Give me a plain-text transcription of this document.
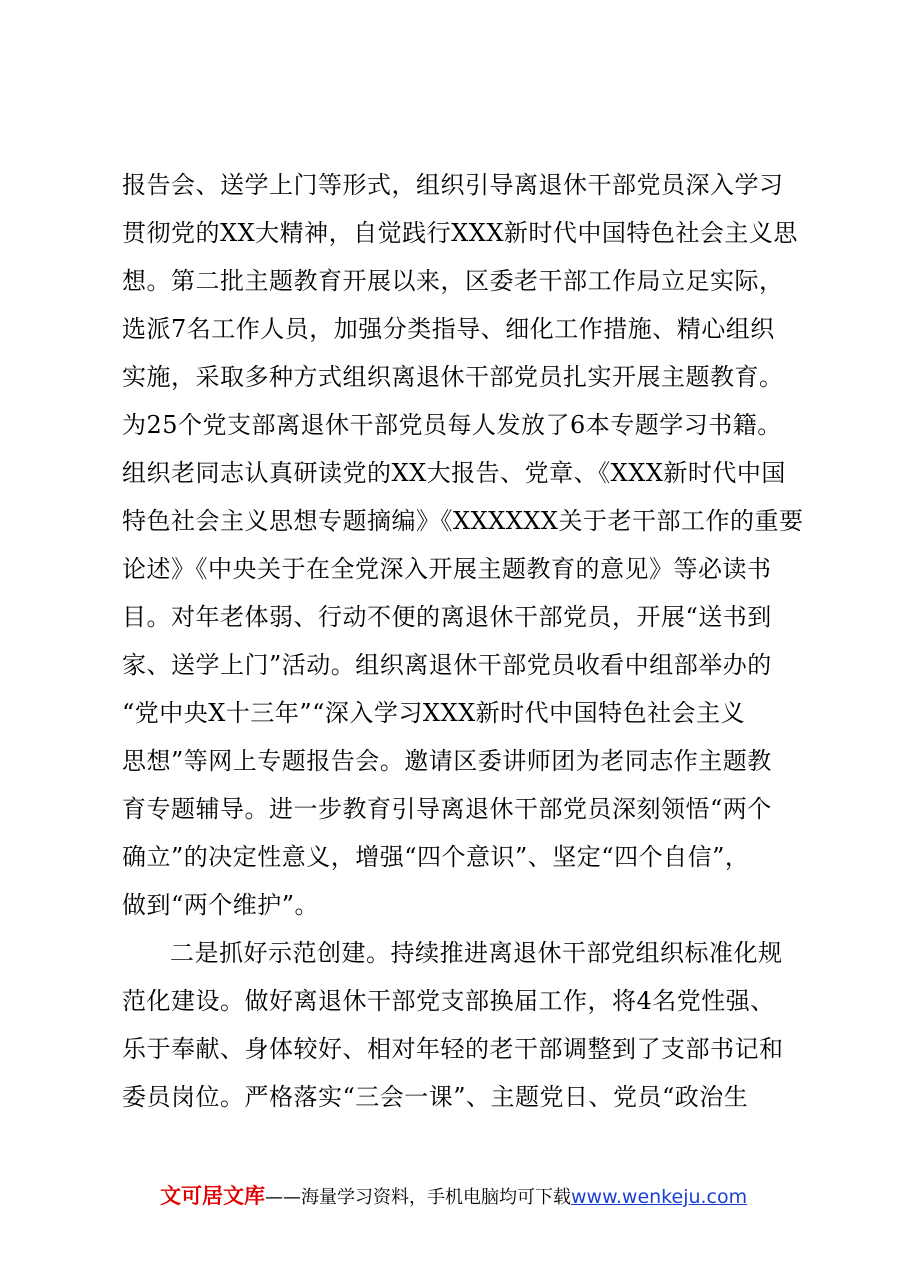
报告会、送学上门等形式，组织引导离退休干部党员深入学习
贯彻党的XX大精神，自觉践行XXX新时代中国特色社会主义思
想。第二批主题教育开展以来，区委老干部工作局立足实际，
选派7名工作人员，加强分类指导、细化工作措施、精心组织
实施，采取多种方式组织离退休干部党员扎实开展主题教育。
为25个党支部离退休干部党员每人发放了6本专题学习书籍。
组织老同志认真研读党的XX大报告、党章、《XXX新时代中国
特色社会主义思想专题摘编》《XXXXXX关于老干部工作的重要
论述》《中央关于在全党深入开展主题教育的意见》等必读书
目。对年老体弱、行动不便的离退休干部党员，开展“送书到
家、送学上门”活动。组织离退休干部党员收看中组部举办的
“党中央X十三年”“深入学习XXX新时代中国特色社会主义
思想”等网上专题报告会。邀请区委讲师团为老同志作主题教
育专题辅导。进一步教育引导离退休干部党员深刻领悟“两个
确立”的决定性意义，增强“四个意识”、坚定“四个自信”，
做到“两个维护”。
二是抓好示范创建。持续推进离退休干部党组织标准化规
范化建设。做好离退休干部党支部换届工作，将4名党性强、
乐于奉献、身体较好、相对年轻的老干部调整到了支部书记和
委员岗位。严格落实“三会一课”、主题党日、党员“政治生
文可居文库——海量学习资料，手机电脑均可下载www.wenkeju.com
